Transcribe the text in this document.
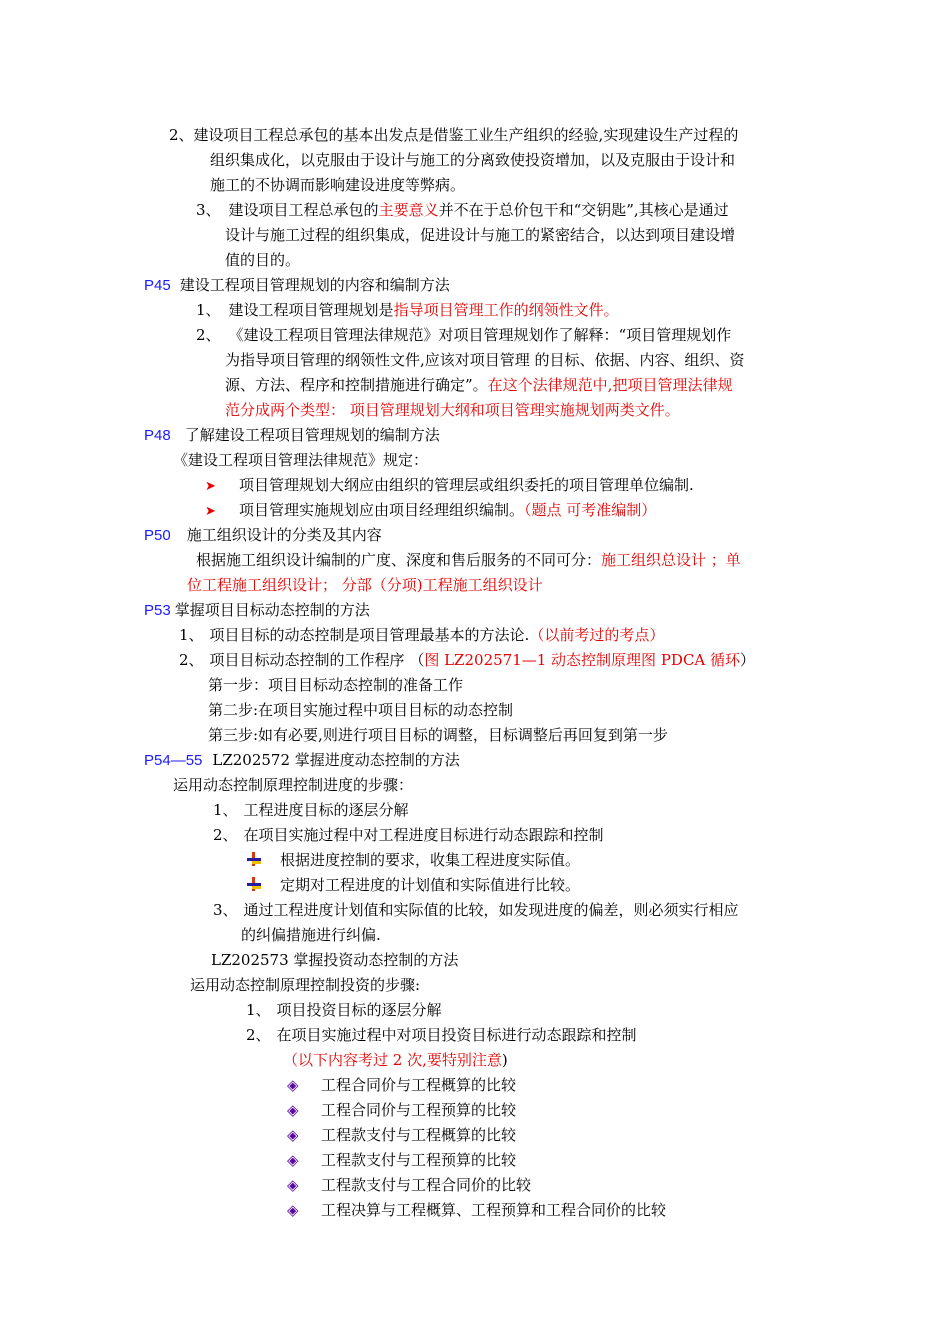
2、建设项目工程总承包的基本出发点是借鉴工业生产组织的经验,实现建设生产过程的
组织集成化，以克服由于设计与施工的分离致使投资增加，以及克服由于设计和
施工的不协调而影响建设进度等弊病。
3、 建设项目工程总承包的主要意义并不在于总价包干和“交钥匙”,其核心是通过
设计与施工过程的组织集成，促进设计与施工的紧密结合，以达到项目建设增
值的目的。
P45 建设工程项目管理规划的内容和编制方法
1、 建设工程项目管理规划是指导项目管理工作的纲领性文件。
2、 《建设工程项目管理法律规范》对项目管理规划作了解释：“项目管理规划作
为指导项目管理的纲领性文件,应该对项目管理 的目标、依据、内容、组织、资
源、方法、程序和控制措施进行确定”。在这个法律规范中,把项目管理法律规
范分成两个类型： 项目管理规划大纲和项目管理实施规划两类文件。
P48 了解建设工程项目管理规划的编制方法
《建设工程项目管理法律规范》规定：
➤ 项目管理规划大纲应由组织的管理层或组织委托的项目管理单位编制.
➤ 项目管理实施规划应由项目经理组织编制。（题点 可考准编制）
P50 施工组织设计的分类及其内容
根据施工组织设计编制的广度、深度和售后服务的不同可分：施工组织总设计 ；单
位工程施工组织设计； 分部（分项)工程施工组织设计
P53 掌握项目目标动态控制的方法
1、 项目目标的动态控制是项目管理最基本的方法论.（以前考过的考点）
2、 项目目标动态控制的工作程序 （图 LZ202571—1 动态控制原理图 PDCA 循环）
第一步：项目目标动态控制的准备工作
第二步:在项目实施过程中项目目标的动态控制
第三步:如有必要,则进行项目目标的调整，目标调整后再回复到第一步
P54—55 LZ202572 掌握进度动态控制的方法
运用动态控制原理控制进度的步骤：
1、 工程进度目标的逐层分解
2、 在项目实施过程中对工程进度目标进行动态跟踪和控制
根据进度控制的要求，收集工程进度实际值。
定期对工程进度的计划值和实际值进行比较。
3、 通过工程进度计划值和实际值的比较，如发现进度的偏差，则必须实行相应
的纠偏措施进行纠偏.
LZ202573 掌握投资动态控制的方法
运用动态控制原理控制投资的步骤:
1、 项目投资目标的逐层分解
2、 在项目实施过程中对项目投资目标进行动态跟踪和控制
（以下内容考过 2 次,要特别注意)
◈ 工程合同价与工程概算的比较
◈ 工程合同价与工程预算的比较
◈ 工程款支付与工程概算的比较
◈ 工程款支付与工程预算的比较
◈ 工程款支付与工程合同价的比较
◈ 工程决算与工程概算、工程预算和工程合同价的比较
